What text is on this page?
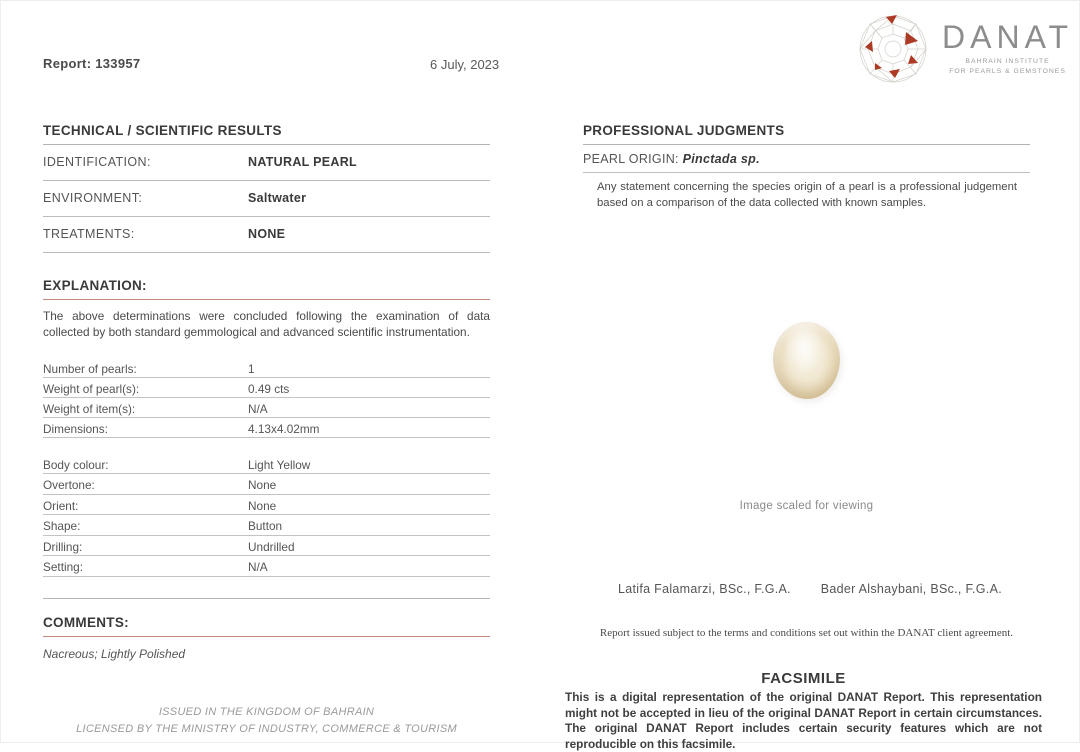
Report: 133957	6 July, 2023
DANAT
BAHRAIN INSTITUTE
FOR PEARLS & GEMSTONES
TECHNICAL / SCIENTIFIC RESULTS
IDENTIFICATION:	NATURAL PEARL
ENVIRONMENT:	Saltwater
TREATMENTS:	NONE
EXPLANATION:
The above determinations were concluded following the examination of data collected by both standard gemmological and advanced scientific instrumentation.
Number of pearls:	1
Weight of pearl(s):	0.49 cts
Weight of item(s):	N/A
Dimensions:	4.13x4.02mm
Body colour:	Light Yellow
Overtone:	None
Orient:	None
Shape:	Button
Drilling:	Undrilled
Setting:	N/A
COMMENTS:
Nacreous; Lightly Polished
PROFESSIONAL JUDGMENTS
PEARL ORIGIN: Pinctada sp.
Any statement concerning the species origin of a pearl is a professional judgement based on a comparison of the data collected with known samples.
Image scaled for viewing
Latifa Falamarzi, BSc., F.G.A. Bader Alshaybani, BSc., F.G.A.
Report issued subject to the terms and conditions set out within the DANAT client agreement.
FACSIMILE
This is a digital representation of the original DANAT Report. This representation might not be accepted in lieu of the original DANAT Report in certain circumstances. The original DANAT Report includes certain security features which are not reproducible on this facsimile.
ISSUED IN THE KINGDOM OF BAHRAIN
LICENSED BY THE MINISTRY OF INDUSTRY, COMMERCE & TOURISM
